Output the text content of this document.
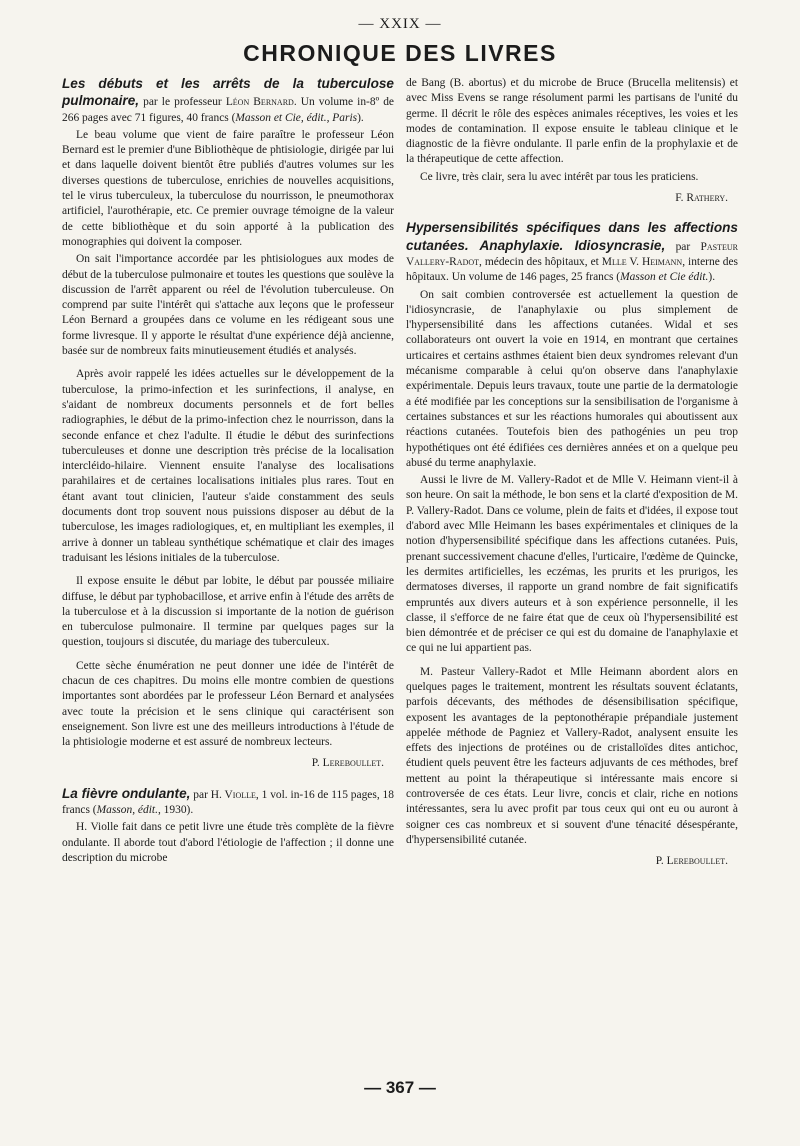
— XXIX —
CHRONIQUE DES LIVRES

Les débuts et les arrêts de la tuberculose pulmonaire, par le professeur Léon Bernard. Un volume in-8º de 266 pages avec 71 figures, 40 francs (Masson et Cie, édit., Paris).

Le beau volume que vient de faire paraître le professeur Léon Bernard est le premier d'une Bibliothèque de phtisiologie, dirigée par lui et dans laquelle doivent bientôt être publiés d'autres volumes sur les diverses questions de tuberculose, enrichies de nouvelles acquisitions, tel le virus tuberculeux, la tuberculose du nourrisson, le pneumothorax artificiel, l'aurothérapie, etc. Ce premier ouvrage témoigne de la valeur de cette bibliothèque et du soin apporté à la publication des monographies qui doivent la composer.

On sait l'importance accordée par les phtisiologues aux modes de début de la tuberculose pulmonaire et toutes les questions que soulève la discussion de l'arrêt apparent ou réel de l'évolution tuberculeuse. On comprend par suite l'intérêt qui s'attache aux leçons que le professeur Léon Bernard a groupées dans ce volume en les rédigeant sous une forme livresque. Il y apporte le résultat d'une expérience déjà ancienne, basée sur de nombreux faits minutieusement étudiés et analysés.

Après avoir rappelé les idées actuelles sur le développement de la tuberculose, la primo-infection et les surinfections, il analyse, en s'aidant de nombreux documents personnels et de fort belles radiographies, le début de la primo-infection chez le nourrisson, dans la seconde enfance et chez l'adulte. Il étudie le début des surinfections tuberculeuses et donne une description très précise de la localisation intercléido-hilaire. Viennent ensuite l'analyse des localisations parahilaires et de certaines localisations initiales plus rares. Tout en étant avant tout clinicien, l'auteur s'aide constamment des seuls documents dont trop souvent nous puissions disposer au début de la tuberculose, les images radiologiques, et, en multipliant les exemples, il arrive à donner un tableau synthétique schématique et clair des images traduisant les lésions initiales de la tuberculose.

Il expose ensuite le début par lobite, le début par poussée miliaire diffuse, le début par typhobacillose, et arrive enfin à l'étude des arrêts de la tuberculose et à la discussion si importante de la notion de guérison en tuberculose pulmonaire. Il termine par quelques pages sur la question, toujours si discutée, du mariage des tuberculeux.

Cette sèche énumération ne peut donner une idée de l'intérêt de chacun de ces chapitres. Du moins elle montre combien de questions importantes sont abordées par le professeur Léon Bernard et analysées avec toute la précision et le sens clinique qui caractérisent son enseignement. Son livre est une des meilleurs introductions à l'étude de la phtisiologie moderne et est assuré de nombreux lecteurs.

P. Lereboullet.

La fièvre ondulante, par H. Violle, 1 vol. in-16 de 115 pages, 18 francs (Masson, édit., 1930).

H. Violle fait dans ce petit livre une étude très complète de la fièvre ondulante. Il aborde tout d'abord l'étiologie de l'affection ; il donne une description du microbe

de Bang (B. abortus) et du microbe de Bruce (Brucella melitensis) et avec Miss Evens se range résolument parmi les partisans de l'unité du germe. Il décrit le rôle des espèces animales réceptives, les voies et les modes de contamination. Il expose ensuite le tableau clinique et le diagnostic de la fièvre ondulante. Il parle enfin de la prophylaxie et de la thérapeutique de cette affection.

Ce livre, très clair, sera lu avec intérêt par tous les praticiens.

F. Rathery.

Hypersensibilités spécifiques dans les affections cutanées. Anaphylaxie. Idiosyncrasie, par Pasteur Vallery-Radot, médecin des hôpitaux, et Mlle V. Heimann, interne des hôpitaux. Un volume de 146 pages, 25 francs (Masson et Cie édit.).

On sait combien controversée est actuellement la question de l'idiosyncrasie, de l'anaphylaxie ou plus simplement de l'hypersensibilité dans les affections cutanées. Widal et ses collaborateurs ont ouvert la voie en 1914, en montrant que certaines urticaires et certains asthmes étaient bien deux syndromes relevant d'un mécanisme comparable à celui qu'on observe dans l'anaphylaxie expérimentale. Depuis leurs travaux, toute une partie de la dermatologie a été modifiée par les conceptions sur la sensibilisation de l'organisme à certaines substances et sur les réactions humorales qui aboutissent aux réactions cutanées. Toutefois bien des pathogénies un peu trop hypothétiques ont été édifiées ces dernières années et on a quelque peu abusé du terme anaphylaxie.

Aussi le livre de M. Vallery-Radot et de Mlle V. Heimann vient-il à son heure. On sait la méthode, le bon sens et la clarté d'exposition de M. P. Vallery-Radot. Dans ce volume, plein de faits et d'idées, il expose tout d'abord avec Mlle Heimann les bases expérimentales et cliniques de la notion d'hypersensibilité spécifique dans les affections cutanées. Puis, prenant successivement chacune d'elles, l'urticaire, l'œdème de Quincke, les dermites artificielles, les eczémas, les prurits et les prurigos, les dermatoses diverses, il rapporte un grand nombre de fait significatifs empruntés aux divers auteurs et à son expérience personnelle, il les classe, il s'efforce de ne faire état que de ceux où l'hypersensibilité est bien démontrée et de préciser ce qui est du domaine de l'anaphylaxie et ce qui ne lui appartient pas.

M. Pasteur Vallery-Radot et Mlle Heimann abordent alors en quelques pages le traitement, montrent les résultats souvent éclatants, parfois décevants, des méthodes de désensibilisation spécifique, exposent les avantages de la peptonothérapie prépandiale justement appelée méthode de Pagniez et Vallery-Radot, analysent ensuite les effets des injections de protéines ou de cristalloïdes dites antichoc, étudient quels peuvent être les facteurs adjuvants de ces méthodes, bref mettent au point la thérapeutique si intéressante mais encore si controversée de ces états. Leur livre, concis et clair, riche en notions intéressantes, sera lu avec profit par tous ceux qui ont eu ou auront à soigner ces cas nombreux et si souvent d'une ténacité désespérante, d'hypersensibilité cutanée.

P. Lereboullet.

— 367 —
